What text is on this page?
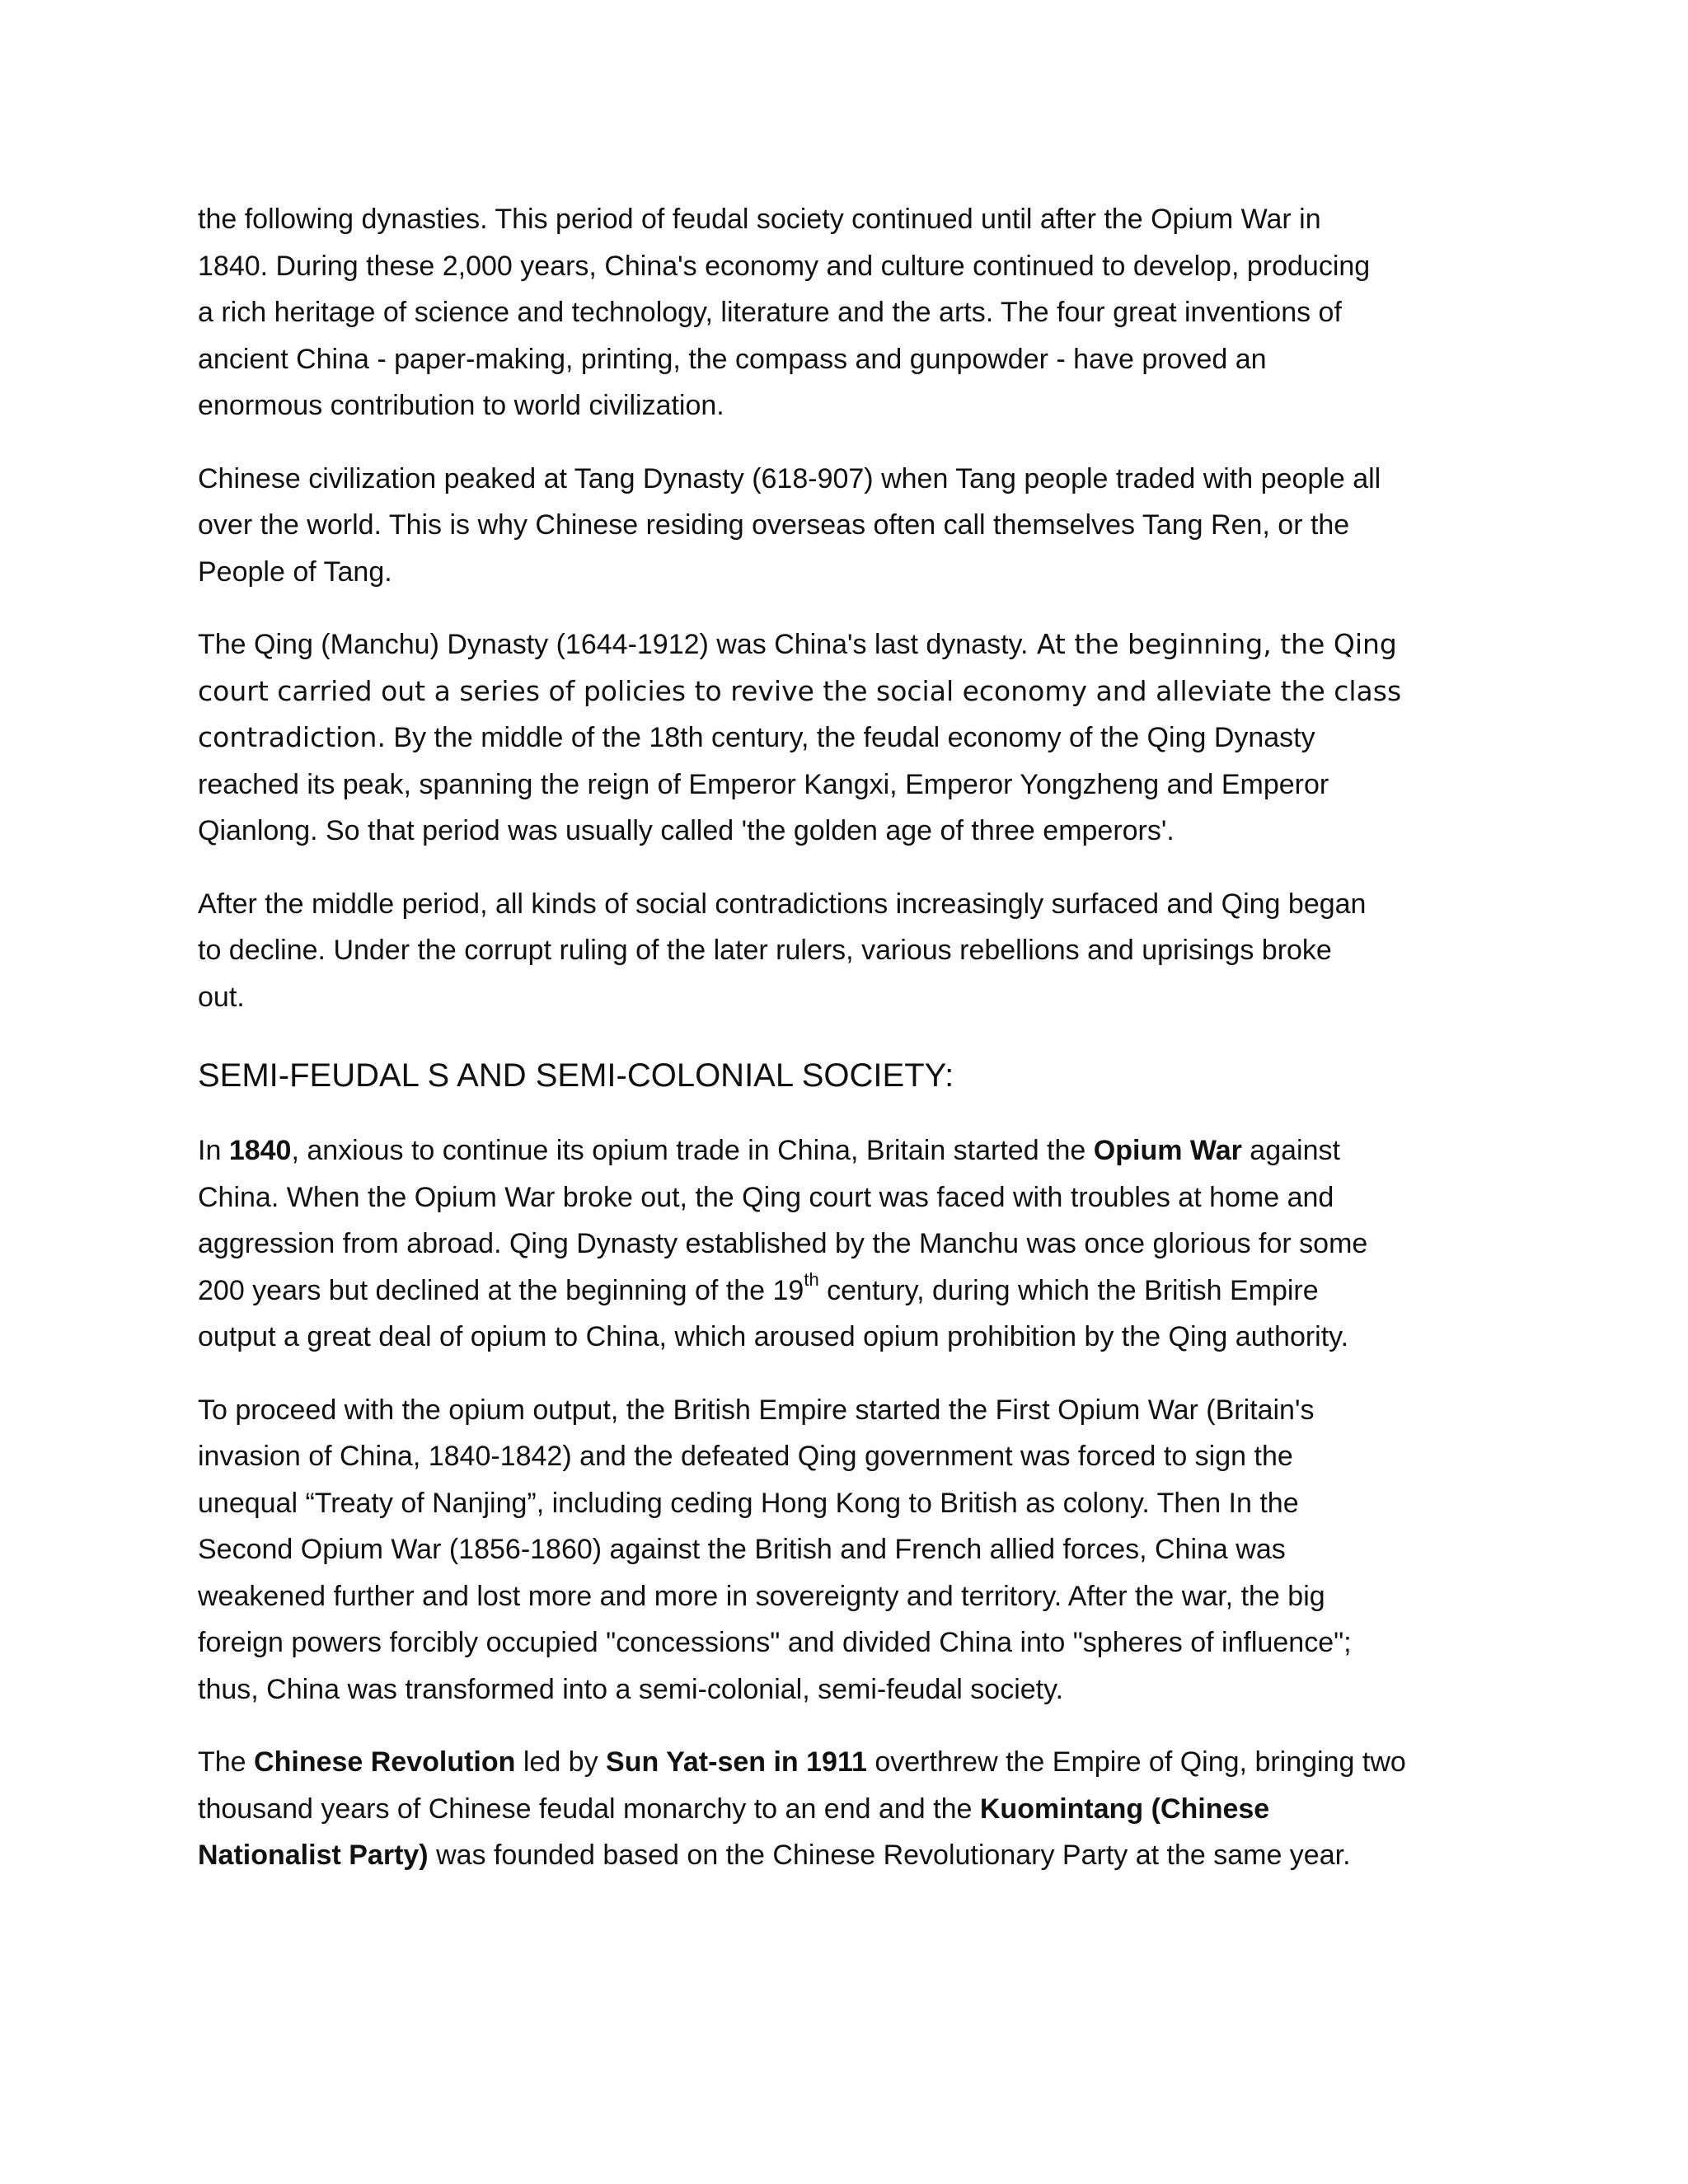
the following dynasties. This period of feudal society continued until after the Opium War in
1840. During these 2,000 years, China's economy and culture continued to develop, producing
a rich heritage of science and technology, literature and the arts. The four great inventions of
ancient China - paper-making, printing, the compass and gunpowder - have proved an
enormous contribution to world civilization.

Chinese civilization peaked at Tang Dynasty (618-907) when Tang people traded with people all
over the world. This is why Chinese residing overseas often call themselves Tang Ren, or the
People of Tang.

The Qing (Manchu) Dynasty (1644-1912) was China's last dynasty. At the beginning, the Qing
court carried out a series of policies to revive the social economy and alleviate the class
contradiction. By the middle of the 18th century, the feudal economy of the Qing Dynasty
reached its peak, spanning the reign of Emperor Kangxi, Emperor Yongzheng and Emperor
Qianlong. So that period was usually called 'the golden age of three emperors'.

After the middle period, all kinds of social contradictions increasingly surfaced and Qing began
to decline. Under the corrupt ruling of the later rulers, various rebellions and uprisings broke
out.

SEMI-FEUDAL S AND SEMI-COLONIAL SOCIETY:

In 1840, anxious to continue its opium trade in China, Britain started the Opium War against
China. When the Opium War broke out, the Qing court was faced with troubles at home and
aggression from abroad. Qing Dynasty established by the Manchu was once glorious for some
200 years but declined at the beginning of the 19th century, during which the British Empire
output a great deal of opium to China, which aroused opium prohibition by the Qing authority.

To proceed with the opium output, the British Empire started the First Opium War (Britain's
invasion of China, 1840-1842) and the defeated Qing government was forced to sign the
unequal “Treaty of Nanjing”, including ceding Hong Kong to British as colony. Then In the
Second Opium War (1856-1860) against the British and French allied forces, China was
weakened further and lost more and more in sovereignty and territory. After the war, the big
foreign powers forcibly occupied "concessions" and divided China into "spheres of influence";
thus, China was transformed into a semi-colonial, semi-feudal society.

The Chinese Revolution led by Sun Yat-sen in 1911 overthrew the Empire of Qing, bringing two
thousand years of Chinese feudal monarchy to an end and the Kuomintang (Chinese
Nationalist Party) was founded based on the Chinese Revolutionary Party at the same year.
